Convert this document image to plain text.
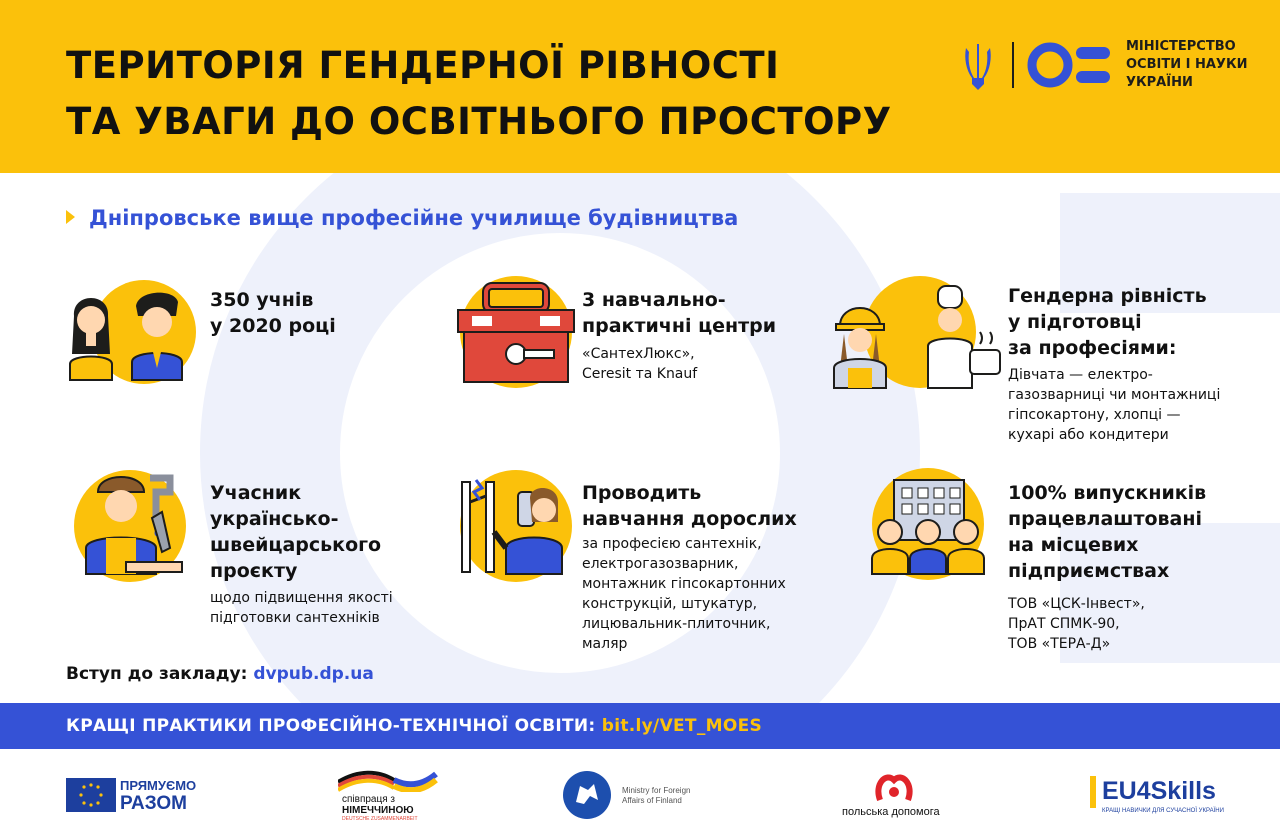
ТЕРИТОРІЯ ГЕНДЕРНОЇ РІВНОСТІ
ТА УВАГИ ДО ОСВІТНЬОГО ПРОСТОРУ
МІНІСТЕРСТВО
ОСВІТИ І НАУКИ
УКРАЇНИ
Дніпровське вище професійне училище будівництва
350 учнів
у 2020 році
3 навчально-
практичні центри
«СантехЛюкс»,
Ceresit та Knauf
Гендерна рівність
у підготовці
за професіями:
Дівчата — електро-
газозварниці чи монтажниці
гіпсокартону, хлопці —
кухарі або кондитери
Учасник
українсько-
швейцарського
проєкту
щодо підвищення якості
підготовки сантехніків
Проводить
навчання дорослих
за професією сантехнік,
електрогазозварник,
монтажник гіпсокартонних
конструкцій, штукатур,
лицювальник-плиточник,
маляр
100% випускників
працевлаштовані
на місцевих
підприємствах
ТОВ «ЦСК-Інвест»,
ПрАТ СПМК-90,
ТОВ «ТЕРА-Д»
Вступ до закладу: dvpub.dp.ua
КРАЩІ ПРАКТИКИ ПРОФЕСІЙНО-ТЕХНІЧНОЇ ОСВІТИ: bit.ly/VET_MOES
ПРЯМУЄМО
РАЗОМ	співпраця з
НІМЕЧЧИНОЮ
DEUTSCHE ZUSAMMENARBEIT
Ministry for Foreign
Affairs of Finland
польська допомога
EU4Skills
КРАЩІ НАВИЧКИ ДЛЯ СУЧАСНОЇ УКРАЇНИ
